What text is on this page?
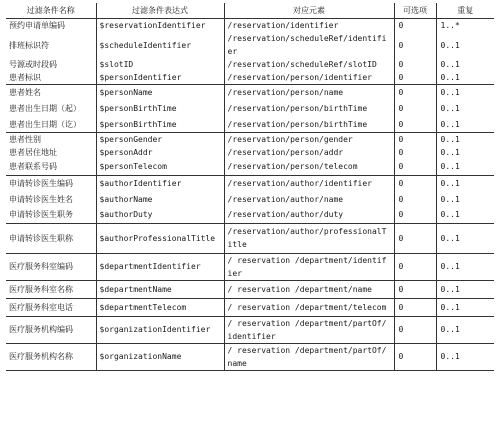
过滤条件名称	过滤条件表达式	对应元素	可选项	重复
预约申请单编码	$reservationIdentifier	/reservation/identifier	0	1..*
排班标识符	$scheduleIdentifier	/reservation/scheduleRef/identifier	0	0..1
号源或时段码	$slotID	/reservation/scheduleRef/slotID	0	0..1
患者标识	$personIdentifier	/reservation/person/identifier	0	0..1
患者姓名	$personName	/reservation/person/name	0	0..1
患者出生日期（起）	$personBirthTime	/reservation/person/birthTime	0	0..1
患者出生日期（讫）	$personBirthTime	/reservation/person/birthTime	0	0..1
患者性别	$personGender	/reservation/person/gender	0	0..1
患者居住地址	$personAddr	/reservation/person/addr	0	0..1
患者联系号码	$personTelecom	/reservation/person/telecom	0	0..1
申请转诊医生编码	$authorIdentifier	/reservation/author/identifier	0	0..1
申请转诊医生姓名	$authorName	/reservation/author/name	0	0..1
申请转诊医生职务	$authorDuty	/reservation/author/duty	0	0..1
申请转诊医生职称	$authorProfessionalTitle	/reservation/author/professionalTitle	0	0..1
医疗服务科室编码	$departmentIdentifier	/ reservation /department/identifier	0	0..1
医疗服务科室名称	$departmentName	/ reservation /department/name	0	0..1
医疗服务科室电话	$departmentTelecom	/ reservation /department/telecom	0	0..1
医疗服务机构编码	$organizationIdentifier	/ reservation /department/partOf/identifier	0	0..1
医疗服务机构名称	$organizationName	/ reservation /department/partOf/name	0	0..1
